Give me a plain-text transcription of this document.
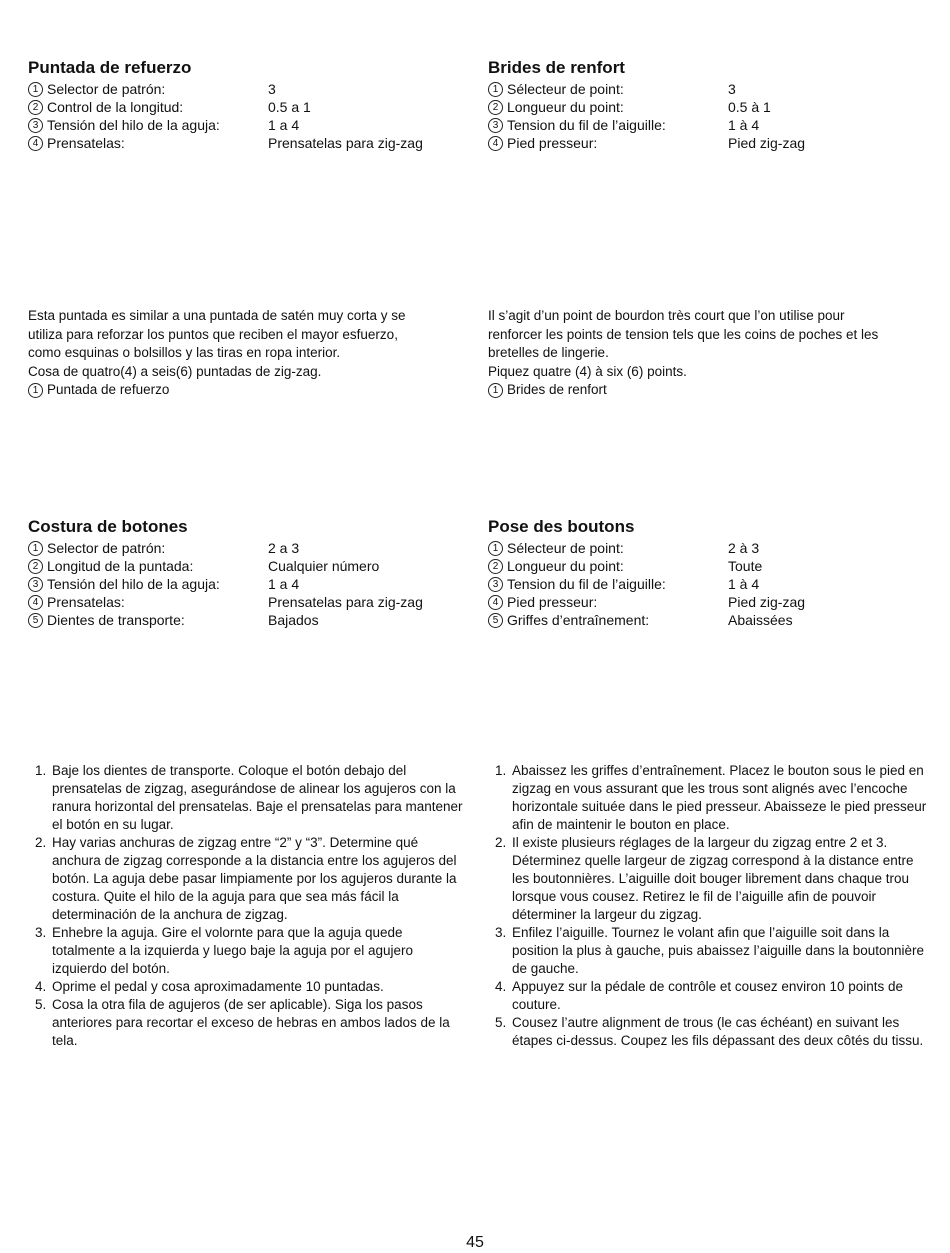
Puntada de refuerzo
1 Selector de patrón:	3
2 Control de la longitud:	0.5 a 1
3 Tensión del hilo de la aguja:	1 a 4
4 Prensatelas:	Prensatelas para zig-zag
Brides de renfort
1 Sélecteur de point:	3
2 Longueur du point:	0.5 à 1
3 Tension du fil de l’aiguille:	1 à 4
4 Pied presseur:	Pied zig-zag

Esta puntada es similar a una puntada de satén muy corta y se

utiliza para reforzar los puntos que reciben el mayor esfuerzo,

como esquinas o bolsillos y las tiras en ropa interior.

Cosa de quatro(4) a seis(6) puntadas de zig-zag.

1 Puntada de refuerzo

Il s’agit d’un point de bourdon très court que l’on utilise pour

renforcer les points de tension tels que les coins de poches et les

bretelles de lingerie.

Piquez quatre (4) à six (6) points.

1 Brides de renfort
Costura de botones
1 Selector de patrón:	2 a 3
2 Longitud de la puntada:	Cualquier número
3 Tensión del hilo de la aguja:	1 a 4
4 Prensatelas:	Prensatelas para zig-zag
5 Dientes de transporte:	Bajados
Pose des boutons
1 Sélecteur de point:	2 à 3
2 Longueur du point:	Toute
3 Tension du fil de l’aiguille:	1 à 4
4 Pied presseur:	Pied zig-zag
5 Griffes d’entraînement:	Abaissées
1. Baje los dientes de transporte. Coloque el botón debajo del prensatelas de zigzag, asegurándose de alinear los agujeros con la ranura horizontal del prensatelas. Baje el prensatelas para mantener el botón en su lugar.
2. Hay varias anchuras de zigzag entre “2” y “3”. Determine qué anchura de zigzag corresponde a la distancia entre los agujeros del botón. La aguja debe pasar limpiamente por los agujeros durante la costura. Quite el hilo de la aguja para que sea más fácil la determinación de la anchura de zigzag.
3. Enhebre la aguja. Gire el volornte para que la aguja quede totalmente a la izquierda y luego baje la aguja por el agujero izquierdo del botón.
4. Oprime el pedal y cosa aproximadamente 10 puntadas.
5. Cosa la otra fila de agujeros (de ser aplicable). Siga los pasos anteriores para recortar el exceso de hebras en ambos lados de la tela.
1. Abaissez les griffes d’entraînement. Placez le bouton sous le pied en zigzag en vous assurant que les trous sont alignés avec l’encoche horizontale suituée dans le pied presseur. Abaisseze le pied presseur afin de maintenir le bouton en place.
2. Il existe plusieurs réglages de la largeur du zigzag entre 2 et 3. Déterminez quelle largeur de zigzag correspond à la distance entre les boutonnières. L’aiguille doit bouger librement dans chaque trou lorsque vous cousez. Retirez le fil de l’aiguille afin de pouvoir déterminer la largeur du zigzag.
3. Enfilez l’aiguille. Tournez le volant afin que l’aiguille soit dans la position la plus à gauche, puis abaissez l’aiguille dans la boutonnière de gauche.
4. Appuyez sur la pédale de contrôle et cousez environ 10 points de couture.
5. Cousez l’autre alignment de trous (le cas échéant) en suivant les étapes ci-dessus. Coupez les fils dépassant des deux côtés du tissu.
45
